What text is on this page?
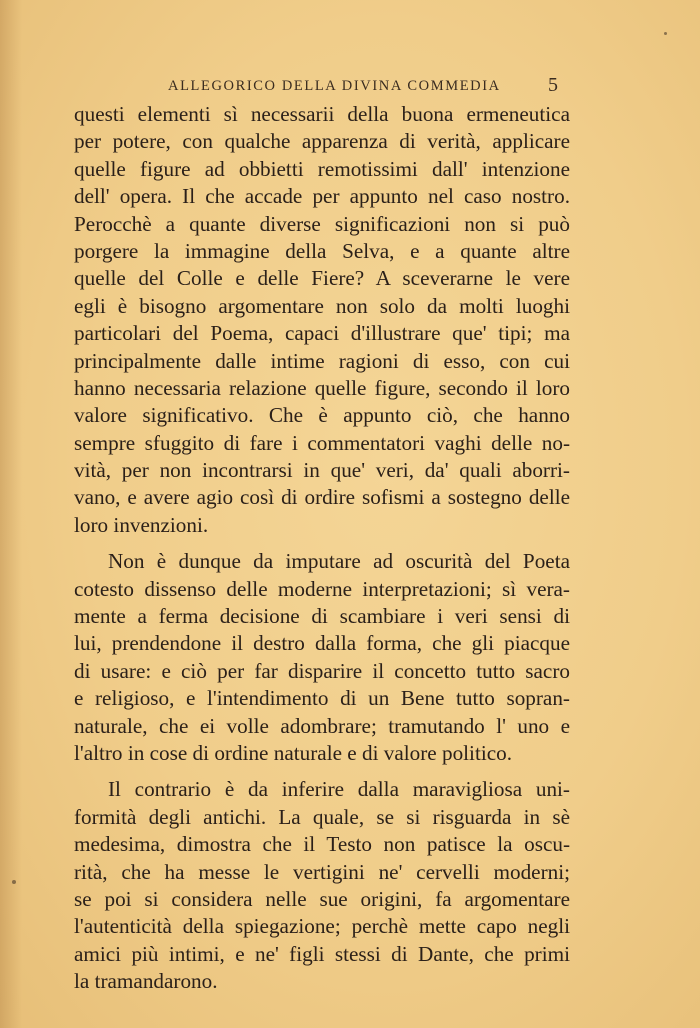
ALLEGORICO DELLA DIVINA COMMEDIA	5
questi elementi sì necessarii della buona ermeneutica
per potere, con qualche apparenza di verità, applicare
quelle figure ad obbietti remotissimi dall' intenzione
dell' opera. Il che accade per appunto nel caso nostro.
Perocchè a quante diverse significazioni non si può
porgere la immagine della Selva, e a quante altre
quelle del Colle e delle Fiere? A sceverarne le vere
egli è bisogno argomentare non solo da molti luoghi
particolari del Poema, capaci d'illustrare que' tipi; ma
principalmente dalle intime ragioni di esso, con cui
hanno necessaria relazione quelle figure, secondo il loro
valore significativo. Che è appunto ciò, che hanno
sempre sfuggito di fare i commentatori vaghi delle no-
vità, per non incontrarsi in que' veri, da' quali aborri-
vano, e avere agio così di ordire sofismi a sostegno delle
loro invenzioni.
Non è dunque da imputare ad oscurità del Poeta
cotesto dissenso delle moderne interpretazioni; sì vera-
mente a ferma decisione di scambiare i veri sensi di
lui, prendendone il destro dalla forma, che gli piacque
di usare: e ciò per far disparire il concetto tutto sacro
e religioso, e l'intendimento di un Bene tutto sopran-
naturale, che ei volle adombrare; tramutando l' uno e
l'altro in cose di ordine naturale e di valore politico.
Il contrario è da inferire dalla maravigliosa uni-
formità degli antichi. La quale, se si risguarda in sè
medesima, dimostra che il Testo non patisce la oscu-
rità, che ha messe le vertigini ne' cervelli moderni;
se poi si considera nelle sue origini, fa argomentare
l'autenticità della spiegazione; perchè mette capo negli
amici più intimi, e ne' figli stessi di Dante, che primi
la tramandarono.
